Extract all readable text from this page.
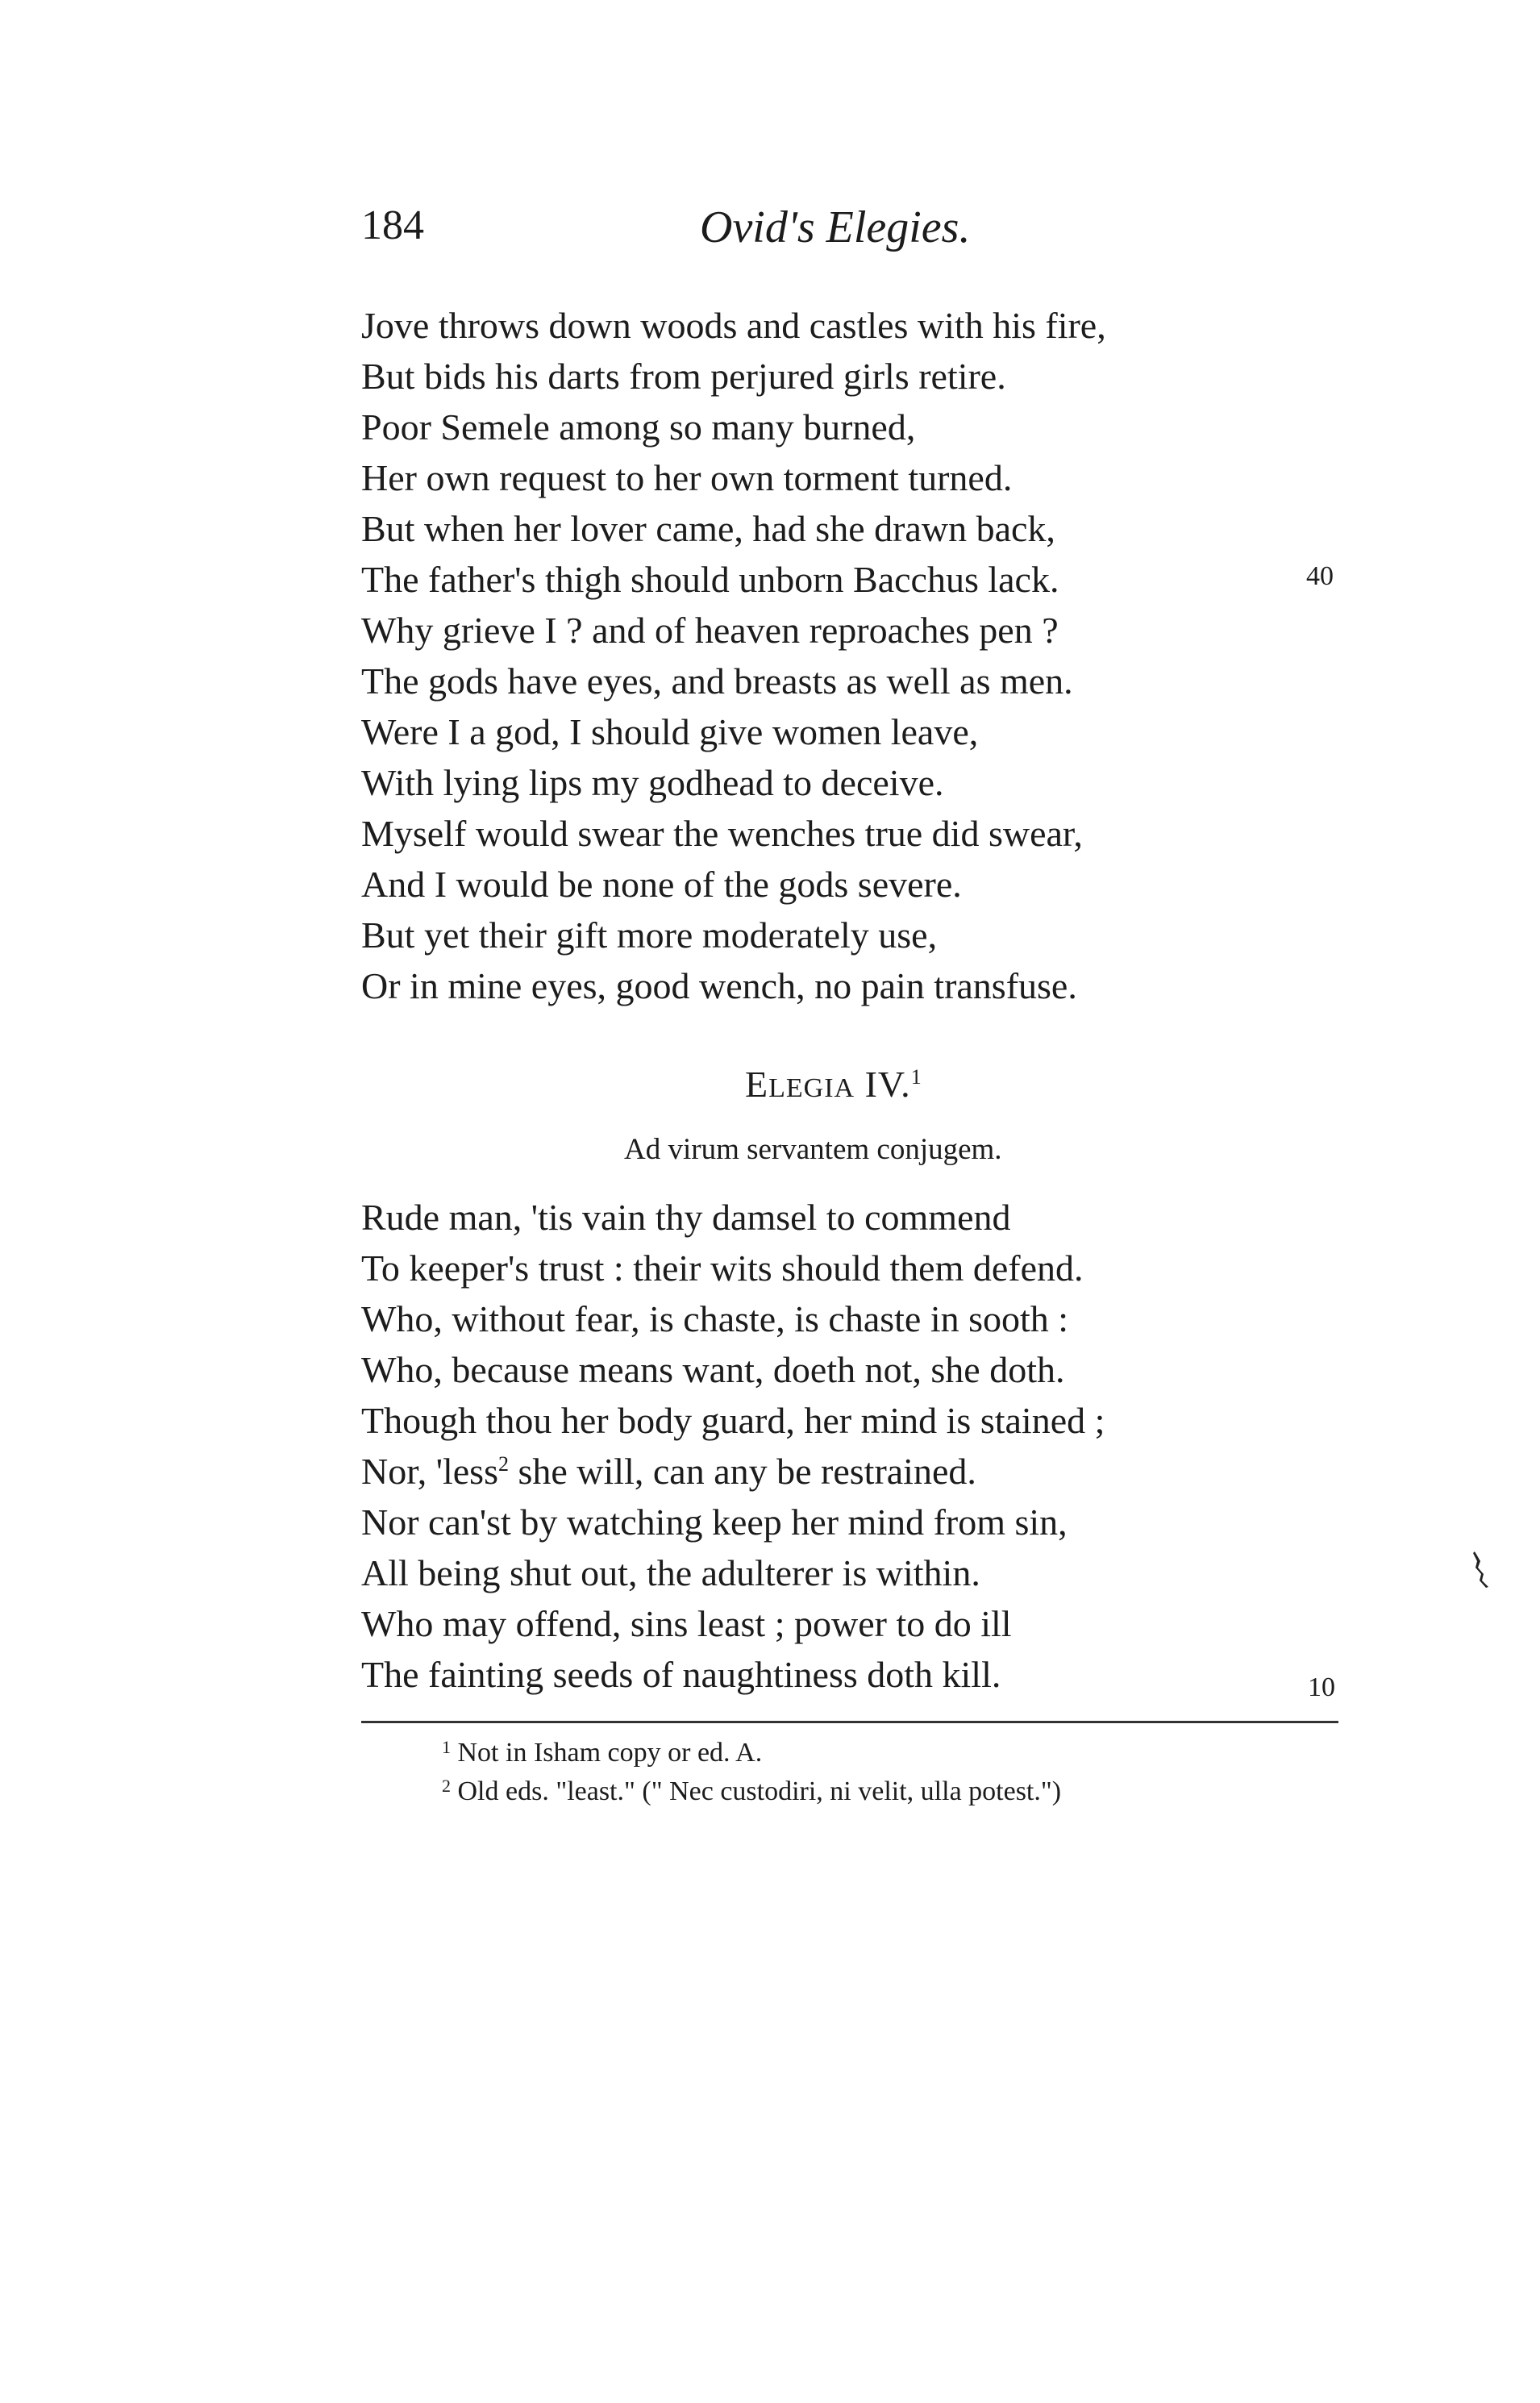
184	Ovid's Elegies.
Jove throws down woods and castles with his fire,
But bids his darts from perjured girls retire.
Poor Semele among so many burned,
Her own request to her own torment turned.
But when her lover came, had she drawn back,
The father's thigh should unborn Bacchus lack.
Why grieve I ? and of heaven reproaches pen ?
The gods have eyes, and breasts as well as men.
Were I a god, I should give women leave,
With lying lips my godhead to deceive.
Myself would swear the wenches true did swear,
And I would be none of the gods severe.
But yet their gift more moderately use,
Or in mine eyes, good wench, no pain transfuse.
40
ELEGIA IV.$^1$
Ad virum servantem conjugem.
Rude man, 'tis vain thy damsel to commend
To keeper's trust : their wits should them defend.
Who, without fear, is chaste, is chaste in sooth :
Who, because means want, doeth not, she doth.
Though thou her body guard, her mind is stained ;
Nor, 'less$^2$ she will, can any be restrained.
Nor can'st by watching keep her mind from sin,
All being shut out, the adulterer is within.
Who may offend, sins least ; power to do ill
The fainting seeds of naughtiness doth kill.	10
$^1$ Not in Isham copy or ed. A.
$^2$ Old eds. "least." (" Nec custodiri, ni velit, ulla potest.")
